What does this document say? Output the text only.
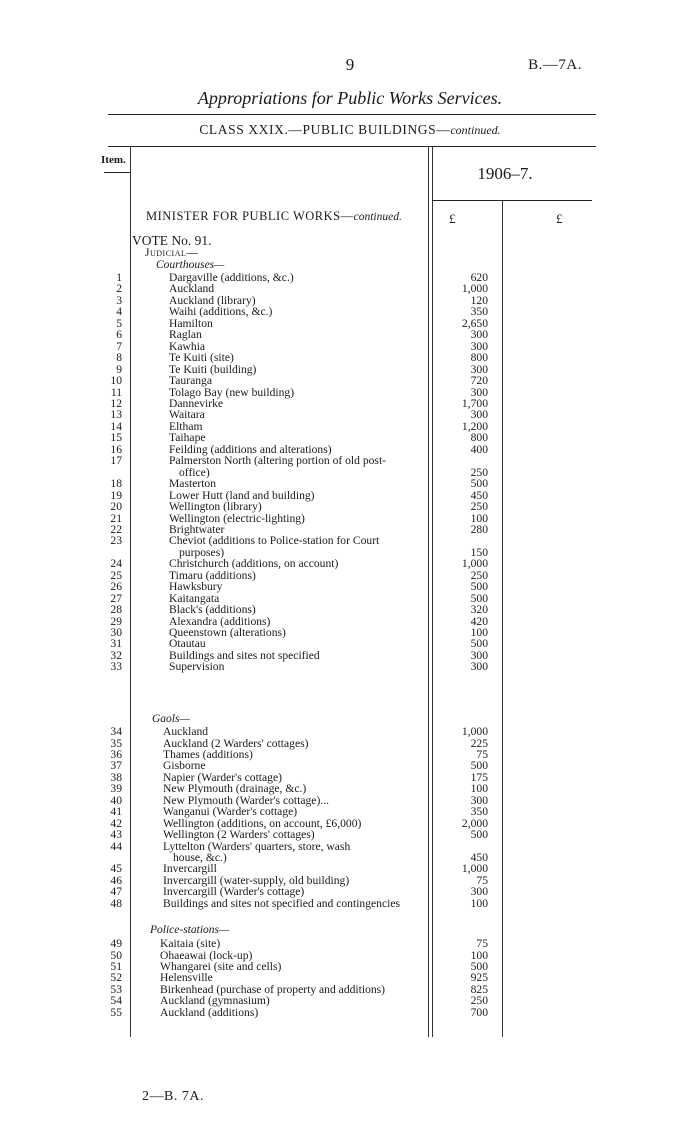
9	B.—7A.
Appropriations for Public Works Services.
CLASS XXIX.—PUBLIC BUILDINGS—continued.
Item.
1906–7.
MINISTER FOR PUBLIC WORKS—continued.	£	£
VOTE No. 91.
Judicial—
Courthouses—
Gaols—
Police-stations—
1	Dargaville (additions, &c.)	620
2	Auckland	1,000
3	Auckland (library)	120
4	Waihi (additions, &c.)	350
5	Hamilton	2,650
6	Raglan	300
7	Kawhia	300
8	Te Kuiti (site)	800
9	Te Kuiti (building)	300
10	Tauranga	720
11	Tolago Bay (new building)	300
12	Dannevirke	1,700
13	Waitara	300
14	Eltham	1,200
15	Taihape	800
16	Feilding (additions and alterations)	400
17	Palmerston North (altering portion of old post-
office)	250
18	Masterton	500
19	Lower Hutt (land and building)	450
20	Wellington (library)	250
21	Wellington (electric-lighting)	100
22	Brightwater	280
23	Cheviot (additions to Police-station for Court
purposes)	150
24	Christchurch (additions, on account)	1,000
25	Timaru (additions)	250
26	Hawksbury	500
27	Kaitangata	500
28	Black's (additions)	320
29	Alexandra (additions)	420
30	Queenstown (alterations)	100
31	Otautau	500
32	Buildings and sites not specified	300
33	Supervision	300
34	Auckland	1,000
35	Auckland (2 Warders' cottages)	225
36	Thames (additions)	75
37	Gisborne	500
38	Napier (Warder's cottage)	175
39	New Plymouth (drainage, &c.)	100
40	New Plymouth (Warder's cottage)...	300
41	Wanganui (Warder's cottage)	350
42	Wellington (additions, on account, £6,000)	2,000
43	Wellington (2 Warders' cottages)	500
44	Lyttelton (Warders' quarters, store, wash
house, &c.)	450
45	Invercargill	1,000
46	Invercargill (water-supply, old building)	75
47	Invercargill (Warder's cottage)	300
48	Buildings and sites not specified and contingencies	100
49	Kaitaia (site)	75
50	Ohaeawai (lock-up)	100
51	Whangarei (site and cells)	500
52	Helensville	925
53	Birkenhead (purchase of property and additions)	825
54	Auckland (gymnasium)	250
55	Auckland (additions)	700
2—B. 7A.
